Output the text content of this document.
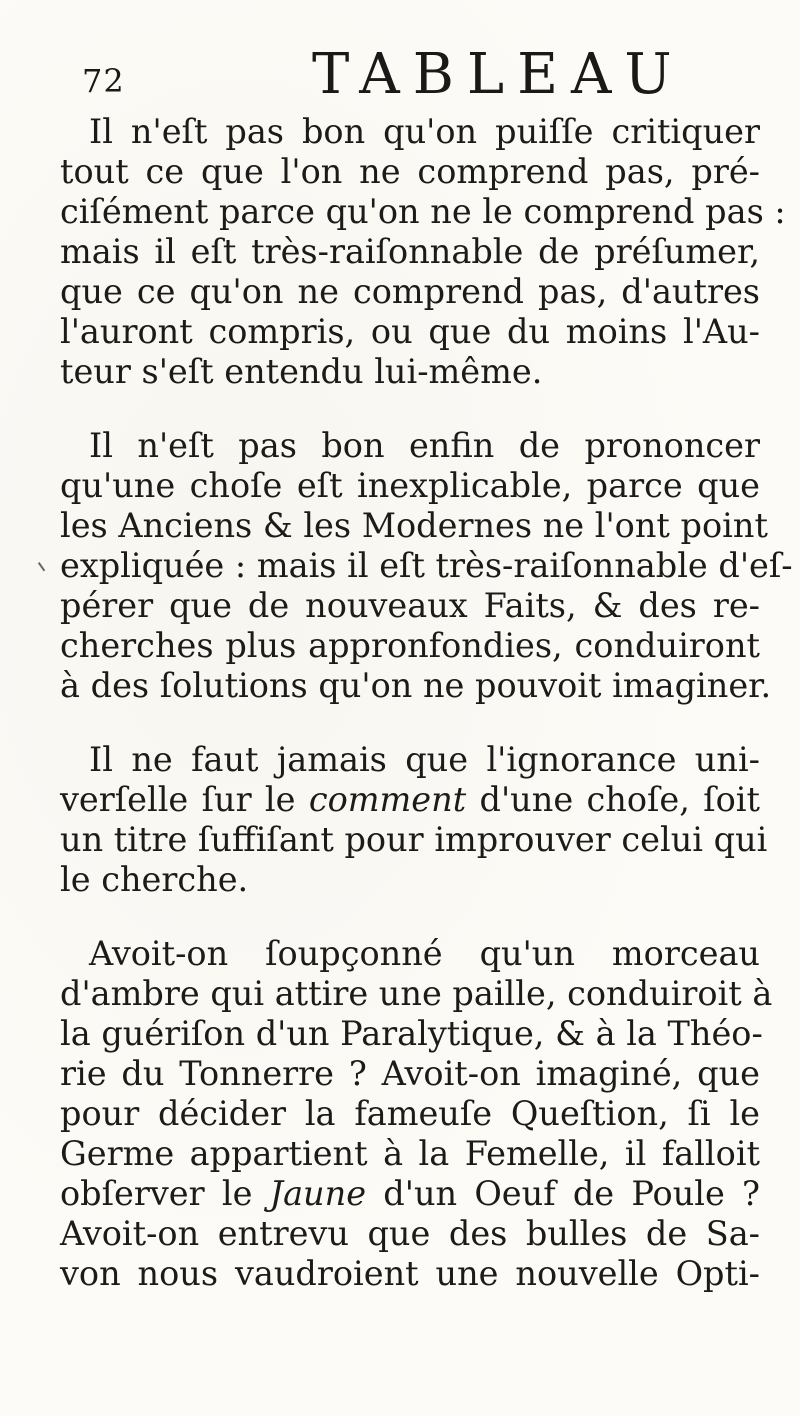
72	TABLEAU

Il n'eſt pas bon qu'on puiſſe critiquer
tout ce que l'on ne comprend pas, pré-
ciſément parce qu'on ne le comprend pas :
mais il eſt très-raiſonnable de préſumer,
que ce qu'on ne comprend pas, d'autres
l'auront compris, ou que du moins l'Au-
teur s'eſt entendu lui-même.

Il n'eſt pas bon enfin de prononcer
qu'une choſe eſt inexplicable, parce que
les Anciens & les Modernes ne l'ont point
expliquée : mais il eſt très-raiſonnable d'eſ-
pérer que de nouveaux Faits, & des re-
cherches plus appronfondies, conduiront
à des ſolutions qu'on ne pouvoit imaginer.

Il ne faut jamais que l'ignorance uni-
verſelle ſur le comment d'une choſe, ſoit
un titre ſuffiſant pour improuver celui qui
le cherche.

Avoit-on ſoupçonné qu'un morceau
d'ambre qui attire une paille, conduiroit à
la guériſon d'un Paralytique, & à la Théo-
rie du Tonnerre ? Avoit-on imaginé, que
pour décider la fameuſe Queſtion, ſi le
Germe appartient à la Femelle, il falloit
obſerver le Jaune d'un Oeuf de Poule ?
Avoit-on entrevu que des bulles de Sa-
von nous vaudroient une nouvelle Opti-
